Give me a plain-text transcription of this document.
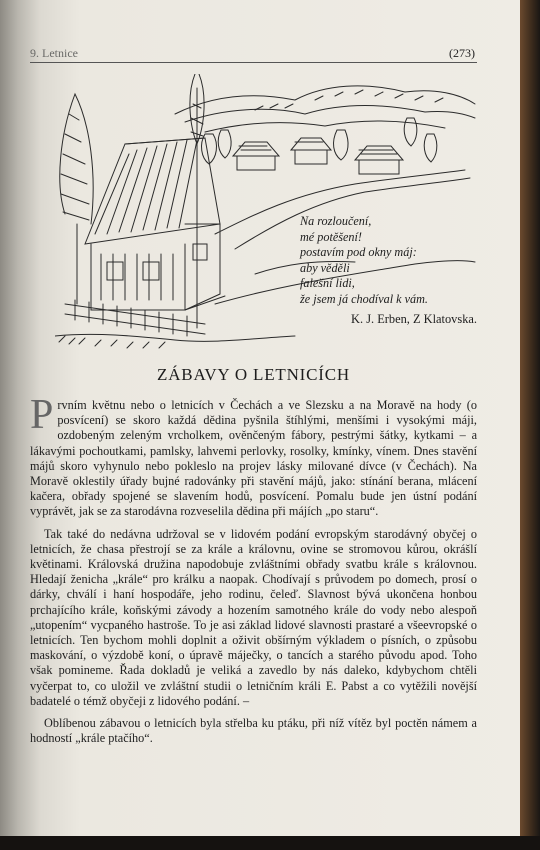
9. Letnice	(273)
Na rozloučení,
mé potěšení!
postavím pod okny máj:
aby věděli
falešní lidi,
že jsem já chodíval k vám.
K. J. Erben, Z Klatovska.
ZÁBAVY O LETNICÍCH
Prvním květnu nebo o letnicích v Čechách a ve Slezsku a na Moravě na hody (o posvícení) se skoro každá dědina pyšnila štíhlými, menšími i vysokými máji, ozdobeným zeleným vrcholkem, ověnčeným fábory, pestrými šátky, kytkami – a lákavými pochoutkami, pamlsky, lahvemi perlovky, rosolky, kmínky, vínem. Dnes stavění májů skoro vyhynulo nebo pokleslo na projev lásky milované dívce (v Čechách). Na Moravě oklestily úřady bujné radovánky při stavění májů, jako: stínání berana, mlácení kačera, obřady spojené se slavením hodů, posvícení. Pomalu bude jen ústní podání vyprávět, jak se za starodávna rozveselila dědina při májích „po staru“.
Tak také do nedávna udržoval se v lidovém podání evropským starodávný obyčej o letnicích, že chasa přestrojí se za krále a královnu, ovine se stromovou kůrou, okrášlí květinami. Královská družina napodobuje zvláštními obřady svatbu krále s královnou. Hledají ženicha „krále“ pro králku a naopak. Chodívají s průvodem po domech, prosí o dárky, chválí i haní hospodáře, jeho rodinu, čeleď. Slavnost bývá ukončena honbou prchajícího krále, koňskými závody a hozením samotného krále do vody nebo alespoň „utopením“ vycpaného hastroše. To je asi základ lidové slavnosti prastaré a všeevropské o letnicích. Ten bychom mohli doplnit a oživit obšírným výkladem o písních, o způsobu maskování, o výzdobě koní, o úpravě máječky, o tancích a starého původu apod. Toho však pomineme. Řada dokladů je veliká a zavedlo by nás daleko, kdybychom chtěli vyčerpat to, co uložil ve zvláštní studii o letničním králi E. Pabst a co vytěžili novější badatelé o témž obyčeji z lidového podání. –
Oblíbenou zábavou o letnicích byla střelba ku ptáku, při níž vítěz byl poctěn námem a hodností „krále ptačího“.
